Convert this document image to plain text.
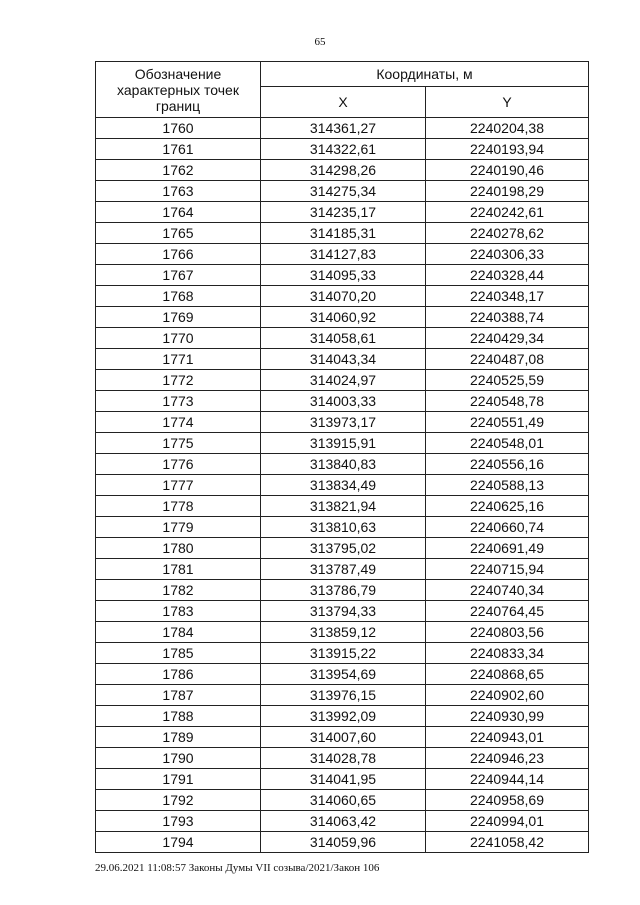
65
Обозначение характерных точек границ	Координаты, м	
	X	Y
1760	314361,27	2240204,38
1761	314322,61	2240193,94
1762	314298,26	2240190,46
1763	314275,34	2240198,29
1764	314235,17	2240242,61
1765	314185,31	2240278,62
1766	314127,83	2240306,33
1767	314095,33	2240328,44
1768	314070,20	2240348,17
1769	314060,92	2240388,74
1770	314058,61	2240429,34
1771	314043,34	2240487,08
1772	314024,97	2240525,59
1773	314003,33	2240548,78
1774	313973,17	2240551,49
1775	313915,91	2240548,01
1776	313840,83	2240556,16
1777	313834,49	2240588,13
1778	313821,94	2240625,16
1779	313810,63	2240660,74
1780	313795,02	2240691,49
1781	313787,49	2240715,94
1782	313786,79	2240740,34
1783	313794,33	2240764,45
1784	313859,12	2240803,56
1785	313915,22	2240833,34
1786	313954,69	2240868,65
1787	313976,15	2240902,60
1788	313992,09	2240930,99
1789	314007,60	2240943,01
1790	314028,78	2240946,23
1791	314041,95	2240944,14
1792	314060,65	2240958,69
1793	314063,42	2240994,01
1794	314059,96	2241058,42
29.06.2021 11:08:57 Законы Думы VII созыва/2021/Закон 106
